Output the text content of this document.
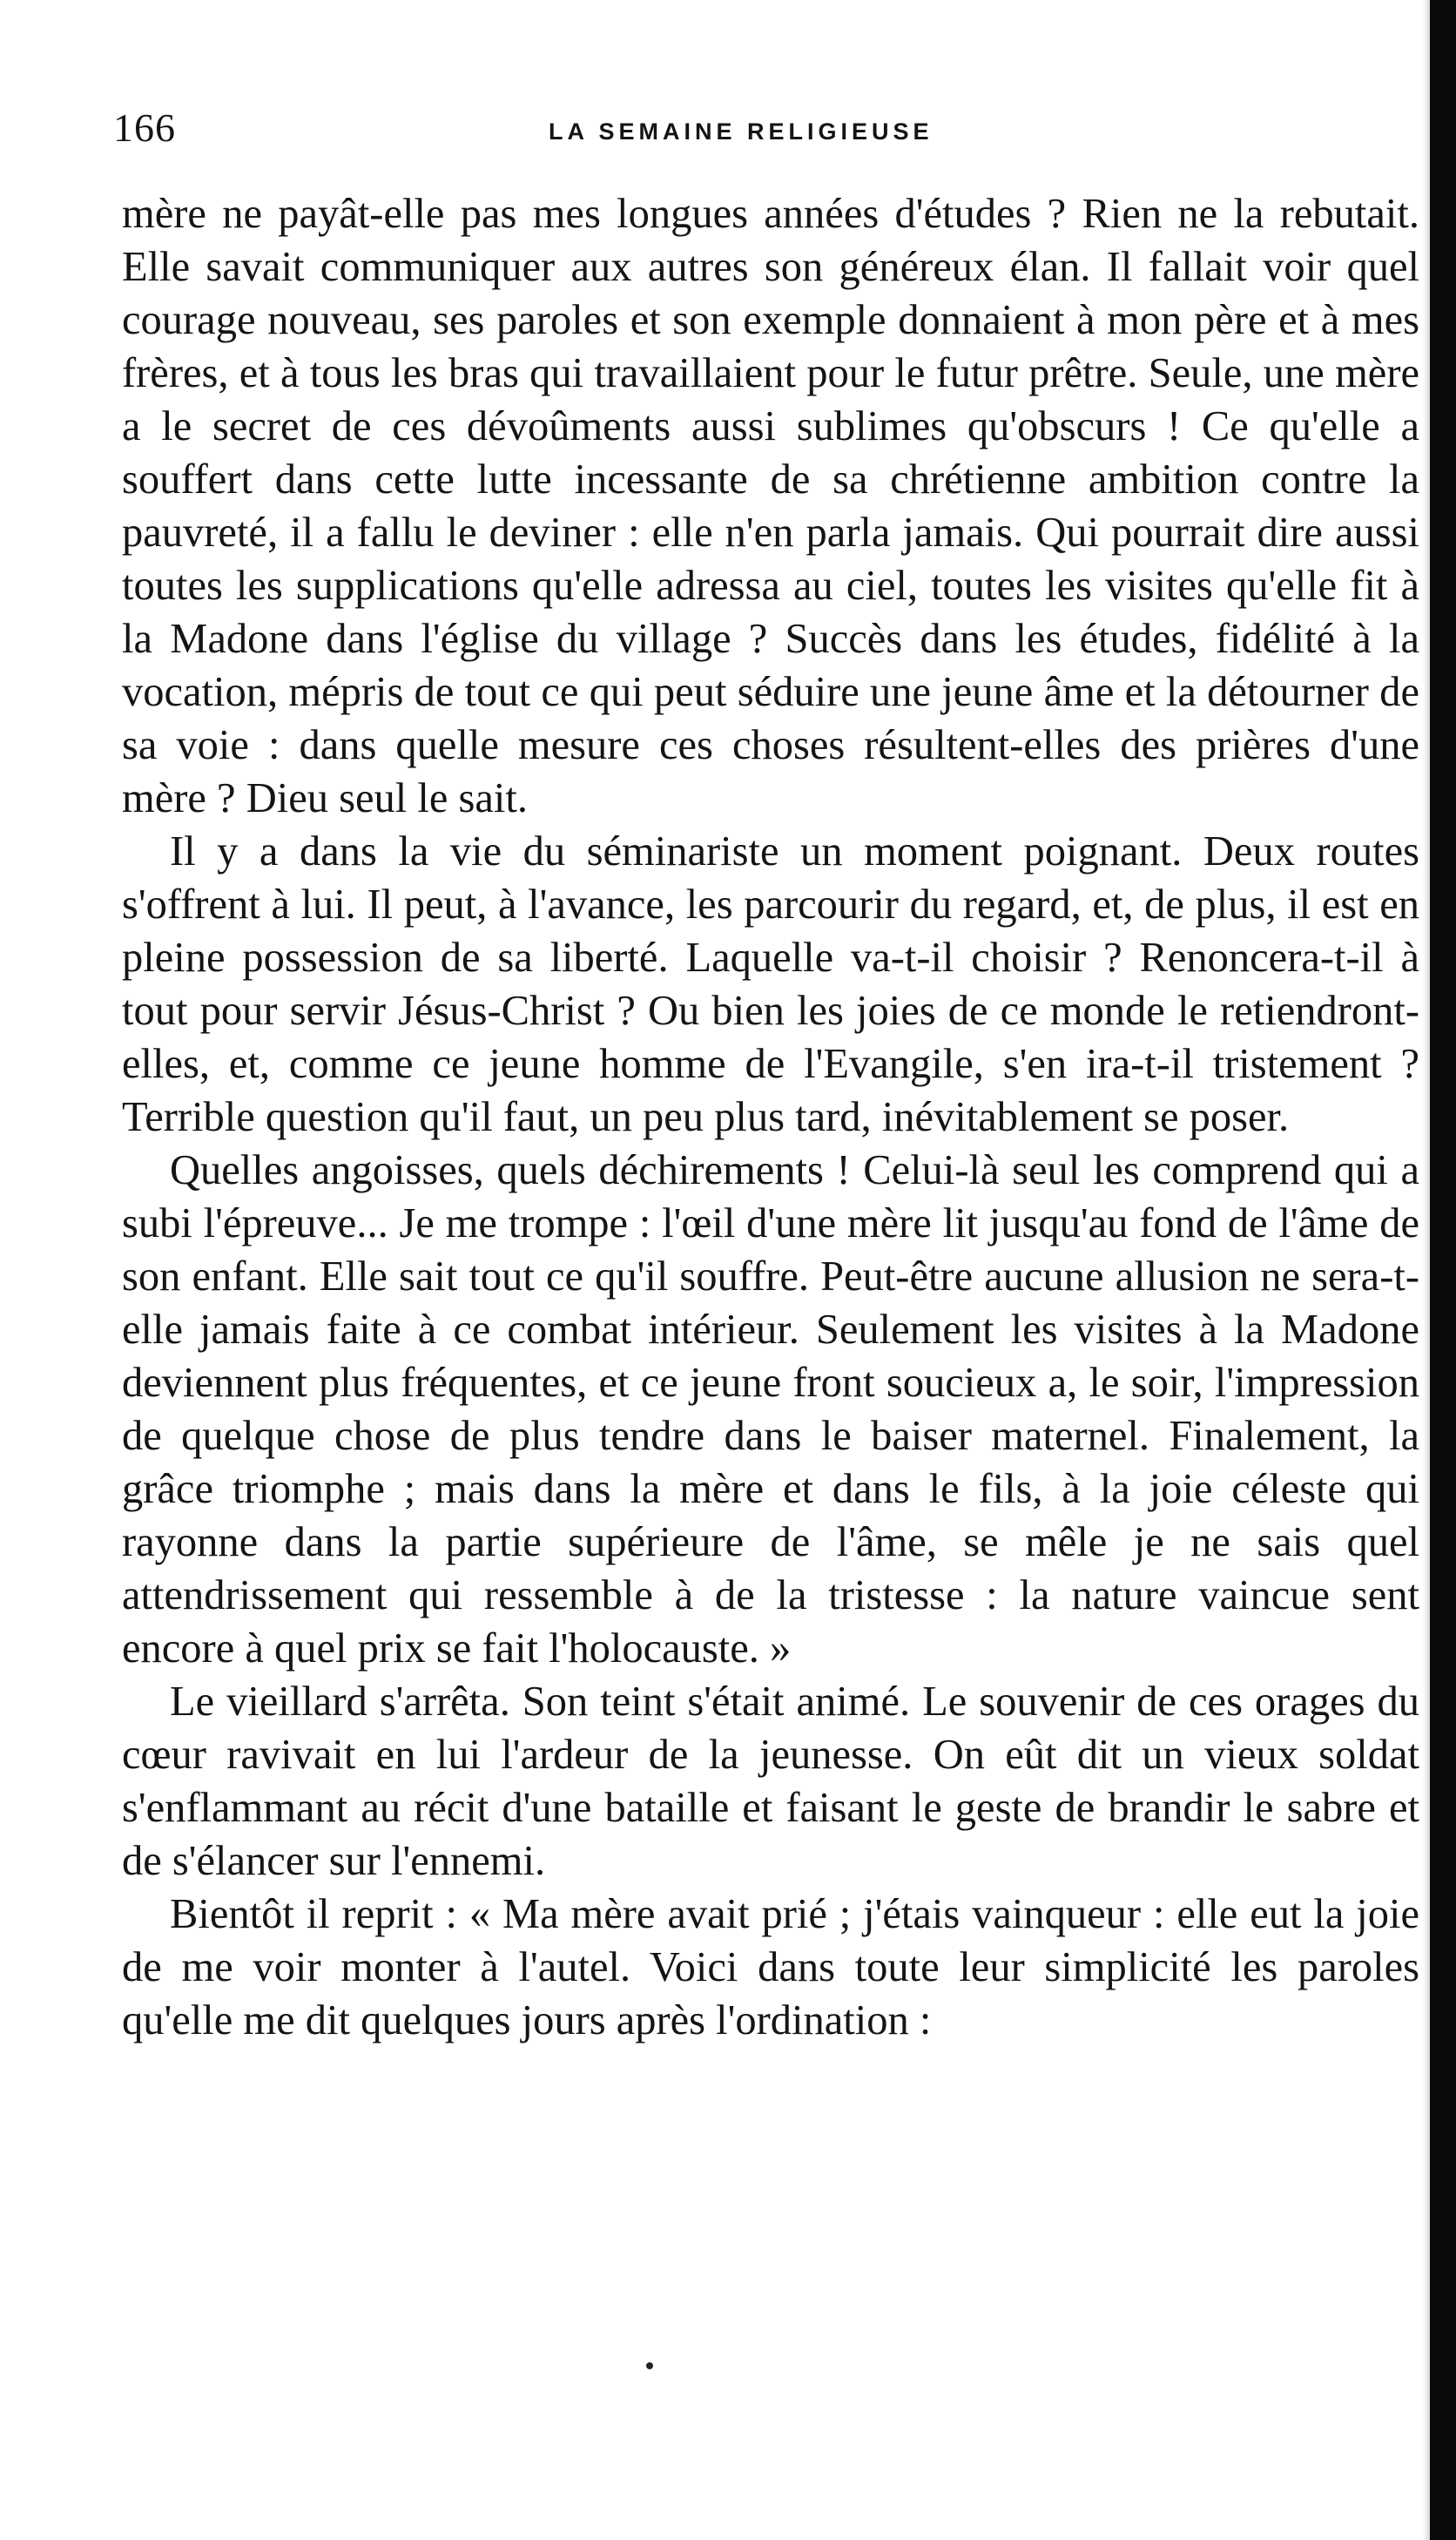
166	LA SEMAINE RELIGIEUSE

mère ne payât-elle pas mes longues années d'études ? Rien ne la rebutait. Elle savait communiquer aux autres son généreux élan. Il fallait voir quel courage nouveau, ses paroles et son exemple donnaient à mon père et à mes frères, et à tous les bras qui travaillaient pour le futur prêtre. Seule, une mère a le secret de ces dévoûments aussi sublimes qu'obscurs ! Ce qu'elle a souffert dans cette lutte incessante de sa chrétienne ambition contre la pauvreté, il a fallu le deviner : elle n'en parla jamais. Qui pourrait dire aussi toutes les supplications qu'elle adressa au ciel, toutes les visites qu'elle fit à la Madone dans l'église du village ? Succès dans les études, fidélité à la vocation, mépris de tout ce qui peut séduire une jeune âme et la détourner de sa voie : dans quelle mesure ces choses résultent-elles des prières d'une mère ? Dieu seul le sait.

Il y a dans la vie du séminariste un moment poignant. Deux routes s'offrent à lui. Il peut, à l'avance, les parcourir du regard, et, de plus, il est en pleine possession de sa liberté. Laquelle va-t-il choisir ? Renoncera-t-il à tout pour servir Jésus-Christ ? Ou bien les joies de ce monde le retiendront-elles, et, comme ce jeune homme de l'Evangile, s'en ira-t-il tristement ? Terrible question qu'il faut, un peu plus tard, inévitablement se poser.

Quelles angoisses, quels déchirements ! Celui-là seul les comprend qui a subi l'épreuve... Je me trompe : l'œil d'une mère lit jusqu'au fond de l'âme de son enfant. Elle sait tout ce qu'il souffre. Peut-être aucune allusion ne sera-t-elle jamais faite à ce combat intérieur. Seulement les visites à la Madone deviennent plus fréquentes, et ce jeune front soucieux a, le soir, l'impression de quelque chose de plus tendre dans le baiser maternel. Finalement, la grâce triomphe ; mais dans la mère et dans le fils, à la joie céleste qui rayonne dans la partie supérieure de l'âme, se mêle je ne sais quel attendrissement qui ressemble à de la tristesse : la nature vaincue sent encore à quel prix se fait l'holocauste. »

Le vieillard s'arrêta. Son teint s'était animé. Le souvenir de ces orages du cœur ravivait en lui l'ardeur de la jeunesse. On eût dit un vieux soldat s'enflammant au récit d'une bataille et faisant le geste de brandir le sabre et de s'élancer sur l'ennemi.

Bientôt il reprit : « Ma mère avait prié ; j'étais vainqueur : elle eut la joie de me voir monter à l'autel. Voici dans toute leur simplicité les paroles qu'elle me dit quelques jours après l'ordination :
